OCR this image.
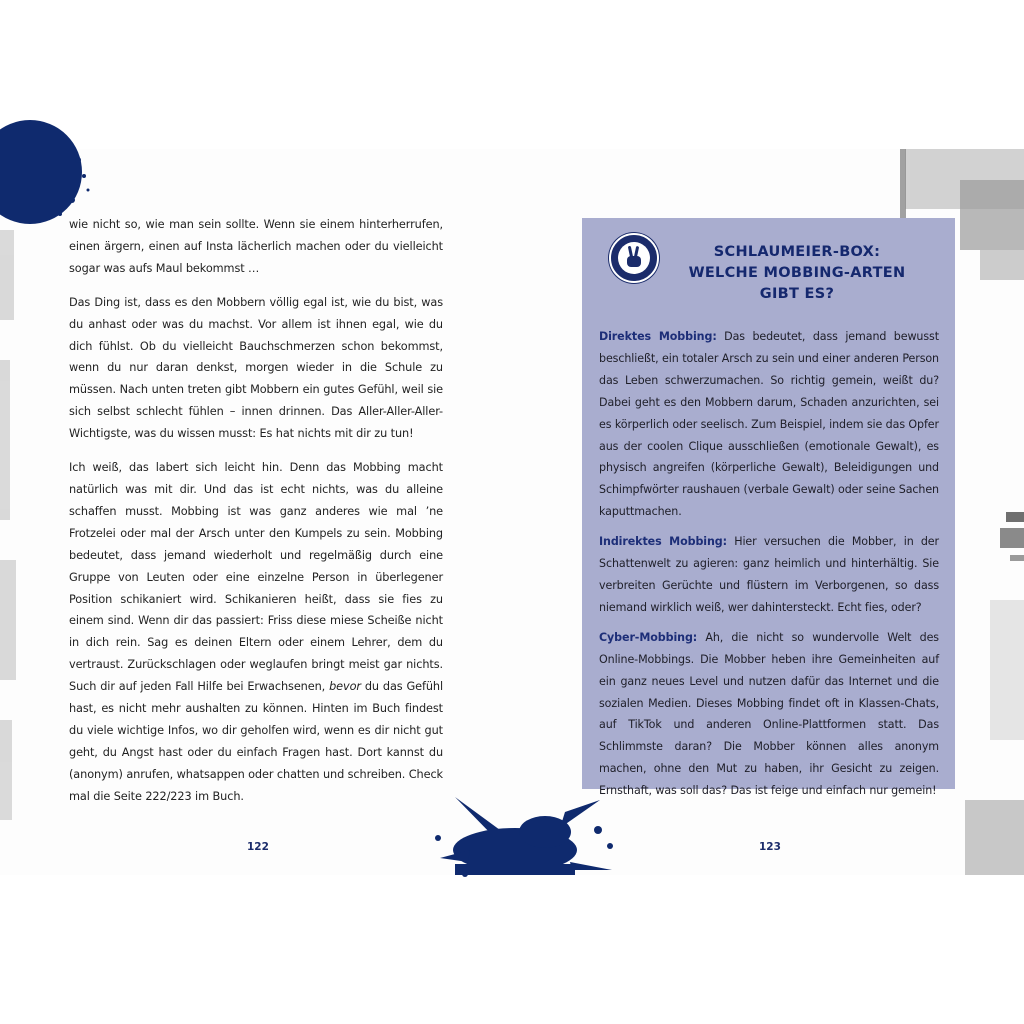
wie nicht so, wie man sein sollte. Wenn sie einem hinterherrufen, einen ärgern, einen auf Insta lächerlich machen oder du vielleicht sogar was aufs Maul bekommst …

Das Ding ist, dass es den Mobbern völlig egal ist, wie du bist, was du anhast oder was du machst. Vor allem ist ihnen egal, wie du dich fühlst. Ob du vielleicht Bauchschmerzen schon bekommst, wenn du nur daran denkst, morgen wieder in die Schule zu müssen. Nach unten treten gibt Mobbern ein gutes Gefühl, weil sie sich selbst schlecht fühlen – innen drinnen. Das Aller-Aller-Aller-Wichtigste, was du wissen musst: Es hat nichts mit dir zu tun!

Ich weiß, das labert sich leicht hin. Denn das Mobbing macht natürlich was mit dir. Und das ist echt nichts, was du alleine schaffen musst. Mobbing ist was ganz anderes wie mal ’ne Frotzelei oder mal der Arsch unter den Kumpels zu sein. Mobbing bedeutet, dass jemand wiederholt und regelmäßig durch eine Gruppe von Leuten oder eine einzelne Person in überlegener Position schikaniert wird. Schikanieren heißt, dass sie fies zu einem sind. Wenn dir das passiert: Friss diese miese Scheiße nicht in dich rein. Sag es deinen Eltern oder einem Lehrer, dem du vertraust. Zurückschlagen oder weglaufen bringt meist gar nichts. Such dir auf jeden Fall Hilfe bei Erwachsenen, bevor du das Gefühl hast, es nicht mehr aushalten zu können. Hinten im Buch findest du viele wichtige Infos, wo dir geholfen wird, wenn es dir nicht gut geht, du Angst hast oder du einfach Fragen hast. Dort kannst du (anonym) anrufen, whatsappen oder chatten und schreiben. Check mal die Seite 222/223 im Buch.

SCHLAUMEIER-BOX:
WELCHE MOBBING-ARTEN
GIBT ES?

Direktes Mobbing: Das bedeutet, dass jemand bewusst beschließt, ein totaler Arsch zu sein und einer anderen Person das Leben schwerzumachen. So richtig gemein, weißt du? Dabei geht es den Mobbern darum, Schaden anzurichten, sei es körperlich oder seelisch. Zum Beispiel, indem sie das Opfer aus der coolen Clique ausschließen (emotionale Gewalt), es physisch angreifen (körperliche Gewalt), Beleidigungen und Schimpfwörter raushauen (verbale Gewalt) oder seine Sachen kaputtmachen.

Indirektes Mobbing: Hier versuchen die Mobber, in der Schattenwelt zu agieren: ganz heimlich und hinterhältig. Sie verbreiten Gerüchte und flüstern im Verborgenen, so dass niemand wirklich weiß, wer dahintersteckt. Echt fies, oder?

Cyber-Mobbing: Ah, die nicht so wundervolle Welt des Online-Mobbings. Die Mobber heben ihre Gemeinheiten auf ein ganz neues Level und nutzen dafür das Internet und die sozialen Medien. Dieses Mobbing findet oft in Klassen-Chats, auf TikTok und anderen Online-Plattformen statt. Das Schlimmste daran? Die Mobber können alles anonym machen, ohne den Mut zu haben, ihr Gesicht zu zeigen. Ernsthaft, was soll das? Das ist feige und einfach nur gemein!

122	123
